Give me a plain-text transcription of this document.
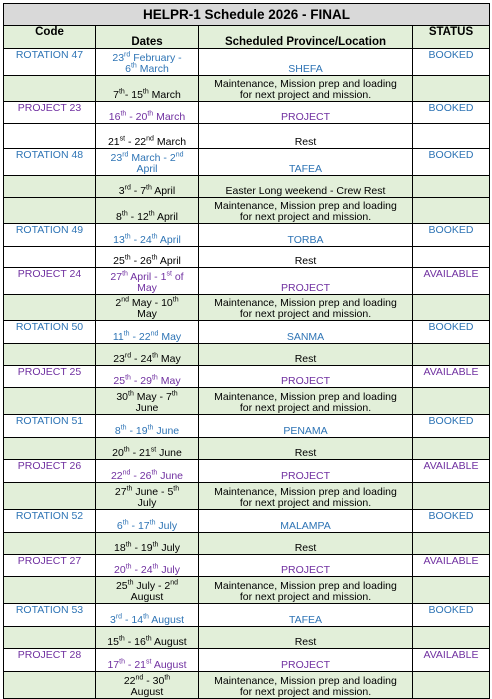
HELPR-1 Schedule 2026 - FINAL			
Code	Dates	Scheduled Province/Location	STATUS
ROTATION 47	23rd February -
6th March	SHEFA	BOOKED
	7th- 15th March	Maintenance, Mission prep and loading
for next project and mission.	
PROJECT 23	16th - 20th March	PROJECT	BOOKED
	21st - 22nd March	Rest	
ROTATION 48	23rd March - 2nd
April	TAFEA	BOOKED
	3rd - 7th April	Easter Long weekend - Crew Rest	
	8th - 12th April	Maintenance, Mission prep and loading
for next project and mission.	
ROTATION 49	13th - 24th April	TORBA	BOOKED
	25th - 26th April	Rest	
PROJECT 24	27th April - 1st of
May	PROJECT	AVAILABLE
	2nd May - 10th
May	Maintenance, Mission prep and loading
for next project and mission.	
ROTATION 50	11th - 22nd May	SANMA	BOOKED
	23rd - 24th May	Rest	
PROJECT 25	25th - 29th May	PROJECT	AVAILABLE
	30th May - 7th
June	Maintenance, Mission prep and loading
for next project and mission.	
ROTATION 51	8th - 19th June	PENAMA	BOOKED
	20th - 21st June	Rest	
PROJECT 26	22nd - 26th June	PROJECT	AVAILABLE
	27th June - 5th
July	Maintenance, Mission prep and loading
for next project and mission.	
ROTATION 52	6th - 17th July	MALAMPA	BOOKED
	18th - 19th July	Rest	
PROJECT 27	20th - 24th July	PROJECT	AVAILABLE
	25th July - 2nd
August	Maintenance, Mission prep and loading
for next project and mission.	
ROTATION 53	3rd - 14th August	TAFEA	BOOKED
	15th - 16th August	Rest	
PROJECT 28	17th - 21st August	PROJECT	AVAILABLE
	22nd - 30th
August	Maintenance, Mission prep and loading
for next project and mission.	
